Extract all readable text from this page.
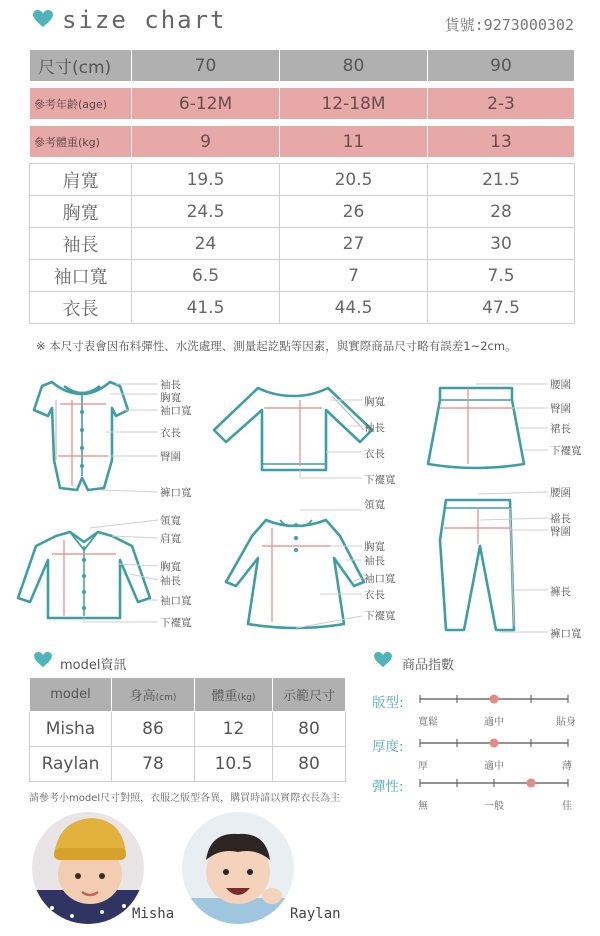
size chart	貨號:9273000302
尺寸(cm)	70	80	90

參考年齡(age)	6-12M	12-18M	2-3

參考體重(kg)	9	11	13

肩寬	19.5	20.5	21.5
胸寬	24.5	26	28
袖長	24	27	30
袖口寬	6.5	7	7.5
衣長	41.5	44.5	47.5
※ 本尺寸表會因布料彈性、水洗處理、測量起訖點等因素，與實際商品尺寸略有誤差1~2cm。
袖長
胸寬
袖口寬
衣長
臀圍
褲口寬
胸寬
袖長
衣長
下襬寬
腰圍
臀圍
裙長
下襬寬
領寬
肩寬
胸寬
袖長
袖口寬
下襬寬
領寬
胸寬
袖長
袖口寬
衣長
下襬寬
腰圍
襠長
臀圍
褲長
褲口寬
model資訊
model	身高(cm)	體重(kg)	示範尺寸
Misha	86	12	80
Raylan	78	10.5	80
請參考小model尺寸對照，衣服之版型各異，購買時請以實際衣長為主
Misha	Raylan
商品指數
版型:
寬鬆	適中	貼身
厚度:
厚	適中	薄
彈性:
無	一般	佳
